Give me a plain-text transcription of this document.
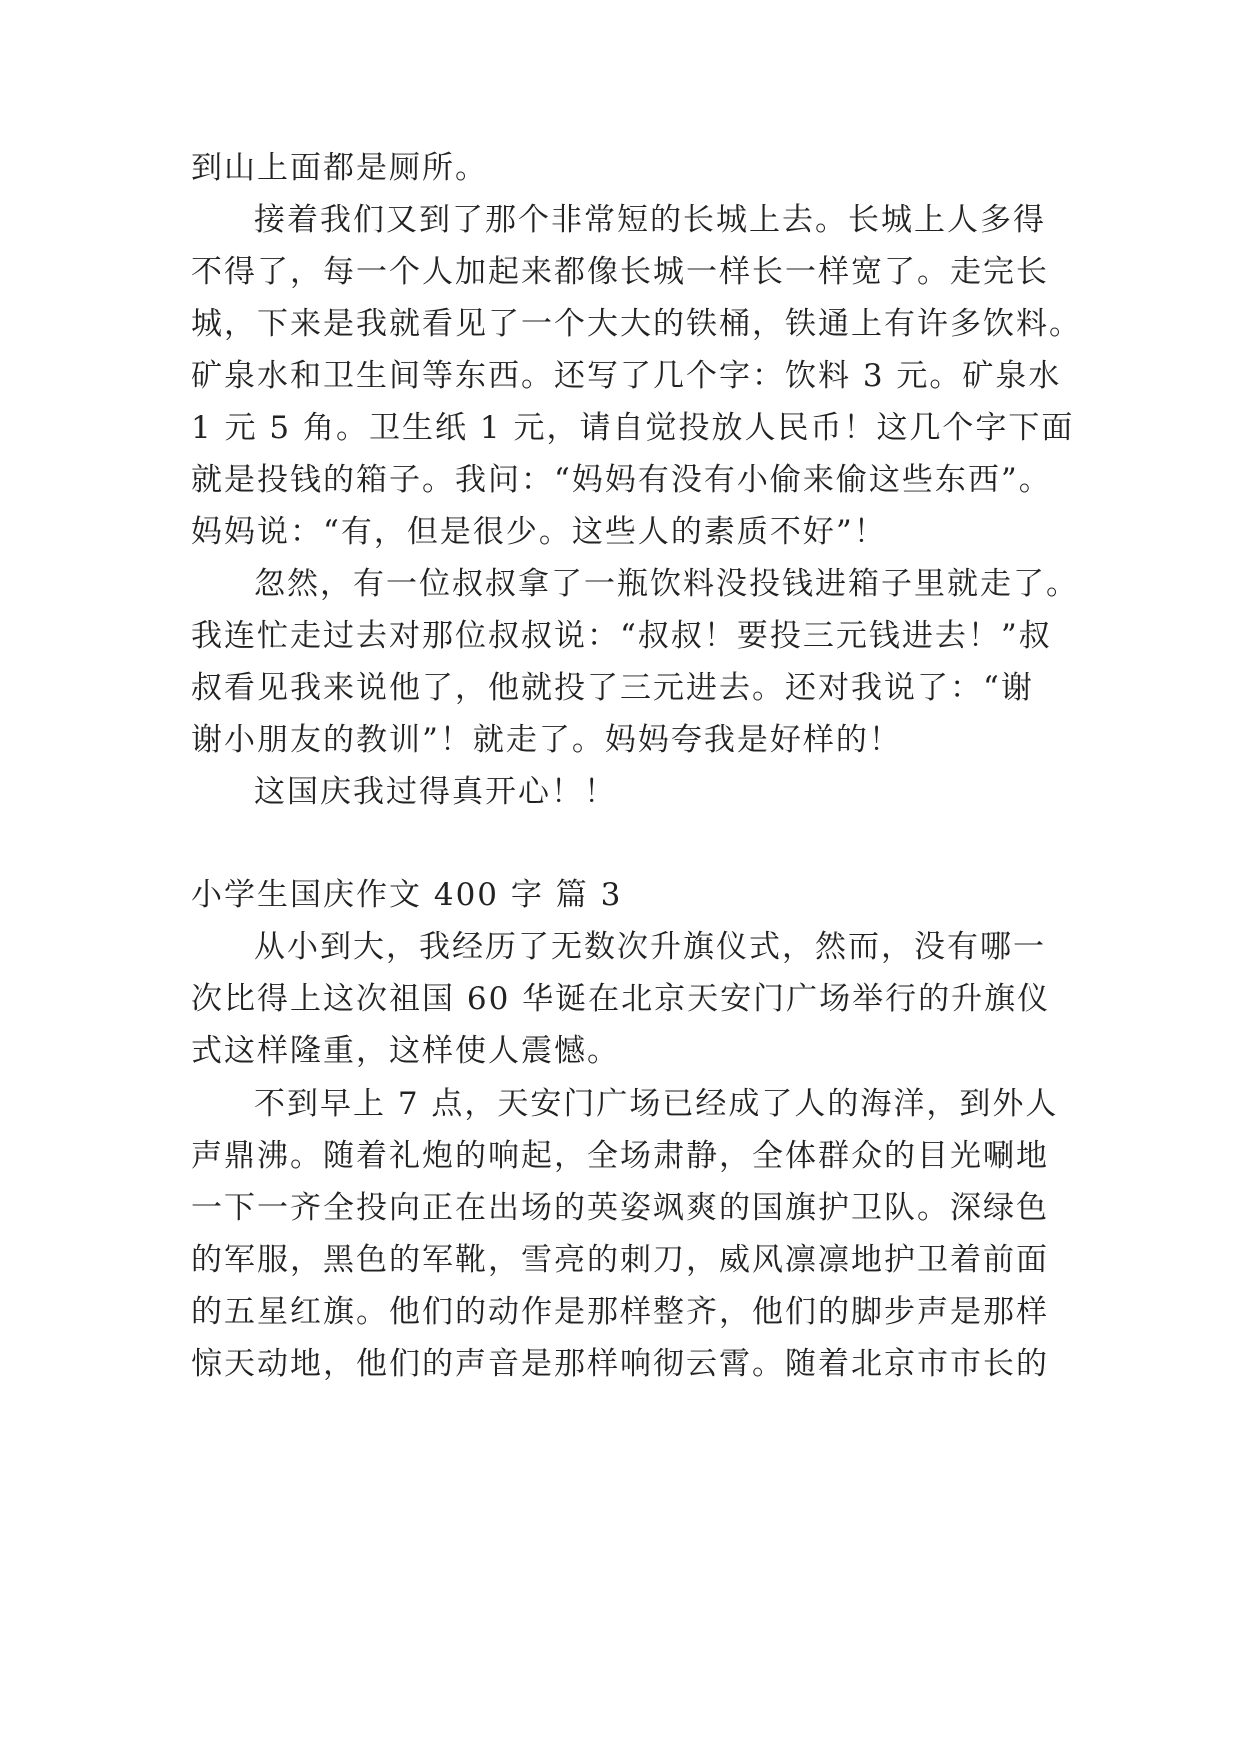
到山上面都是厕所。

接着我们又到了那个非常短的长城上去。长城上人多得

不得了，每一个人加起来都像长城一样长一样宽了。走完长

城，下来是我就看见了一个大大的铁桶，铁通上有许多饮料。

矿泉水和卫生间等东西。还写了几个字：饮料 3 元。矿泉水

1 元 5 角。卫生纸 1 元，请自觉投放人民币！这几个字下面

就是投钱的箱子。我问：“妈妈有没有小偷来偷这些东西”。

妈妈说：“有，但是很少。这些人的素质不好”！

忽然，有一位叔叔拿了一瓶饮料没投钱进箱子里就走了。

我连忙走过去对那位叔叔说：“叔叔！要投三元钱进去！”叔

叔看见我来说他了，他就投了三元进去。还对我说了：“谢

谢小朋友的教训”！就走了。妈妈夸我是好样的！

这国庆我过得真开心！！

小学生国庆作文 400 字 篇 3

从小到大，我经历了无数次升旗仪式，然而，没有哪一

次比得上这次祖国 60 华诞在北京天安门广场举行的升旗仪

式这样隆重，这样使人震憾。

不到早上 7 点，天安门广场已经成了人的海洋，到外人

声鼎沸。随着礼炮的响起，全场肃静，全体群众的目光唰地

一下一齐全投向正在出场的英姿飒爽的国旗护卫队。深绿色

的军服，黑色的军靴，雪亮的刺刀，威风凛凛地护卫着前面

的五星红旗。他们的动作是那样整齐，他们的脚步声是那样

惊天动地，他们的声音是那样响彻云霄。随着北京市市长的
